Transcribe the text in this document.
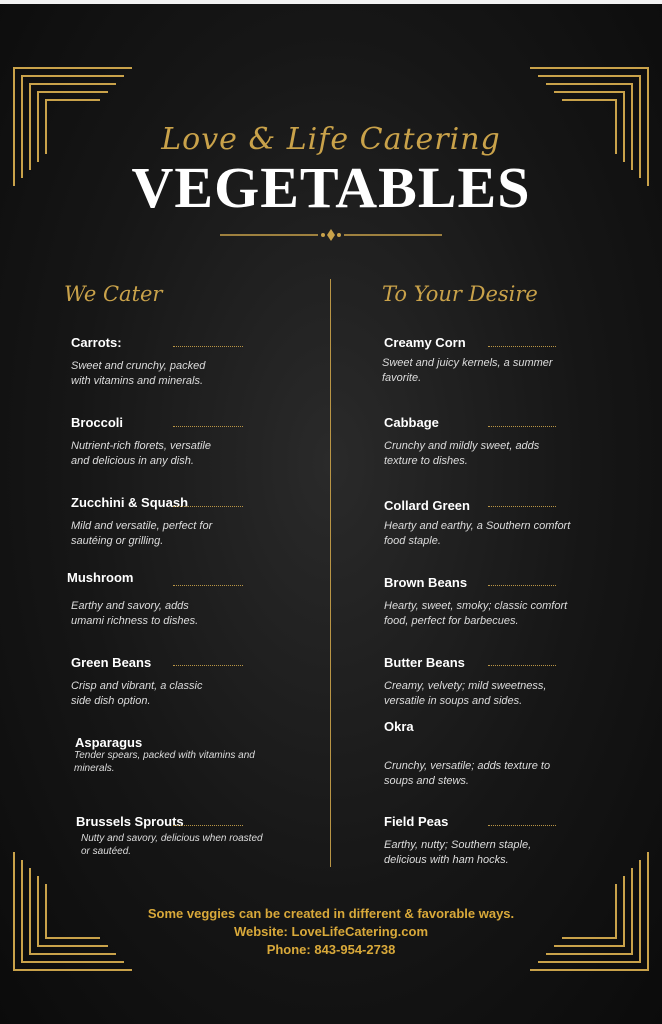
Love & Life Catering
VEGETABLES
We Cater	To Your Desire
Carrots:
Sweet and crunchy, packed
with vitamins and minerals.
Broccoli
Nutrient-rich florets, versatile
and delicious in any dish.
Zucchini & Squash
Mild and versatile, perfect for
sautéing or grilling.
Mushroom
Earthy and savory, adds
umami richness to dishes.
Green Beans
Crisp and vibrant, a classic
side dish option.
Asparagus
Tender spears, packed with vitamins and
minerals.
Brussels Sprouts
Nutty and savory, delicious when roasted
or sautéed.
Creamy Corn
Sweet and juicy kernels, a summer
favorite.
Cabbage
Crunchy and mildly sweet, adds
texture to dishes.
Collard Green
Hearty and earthy, a Southern comfort
food staple.
Brown Beans
Hearty, sweet, smoky; classic comfort
food, perfect for barbecues.
Butter Beans
Creamy, velvety; mild sweetness,
versatile in soups and sides.
Okra
Crunchy, versatile; adds texture to
soups and stews.
Field Peas
Earthy, nutty; Southern staple,
delicious with ham hocks.
Some veggies can be created in different & favorable ways.
Website: LoveLifeCatering.com
Phone: 843-954-2738
